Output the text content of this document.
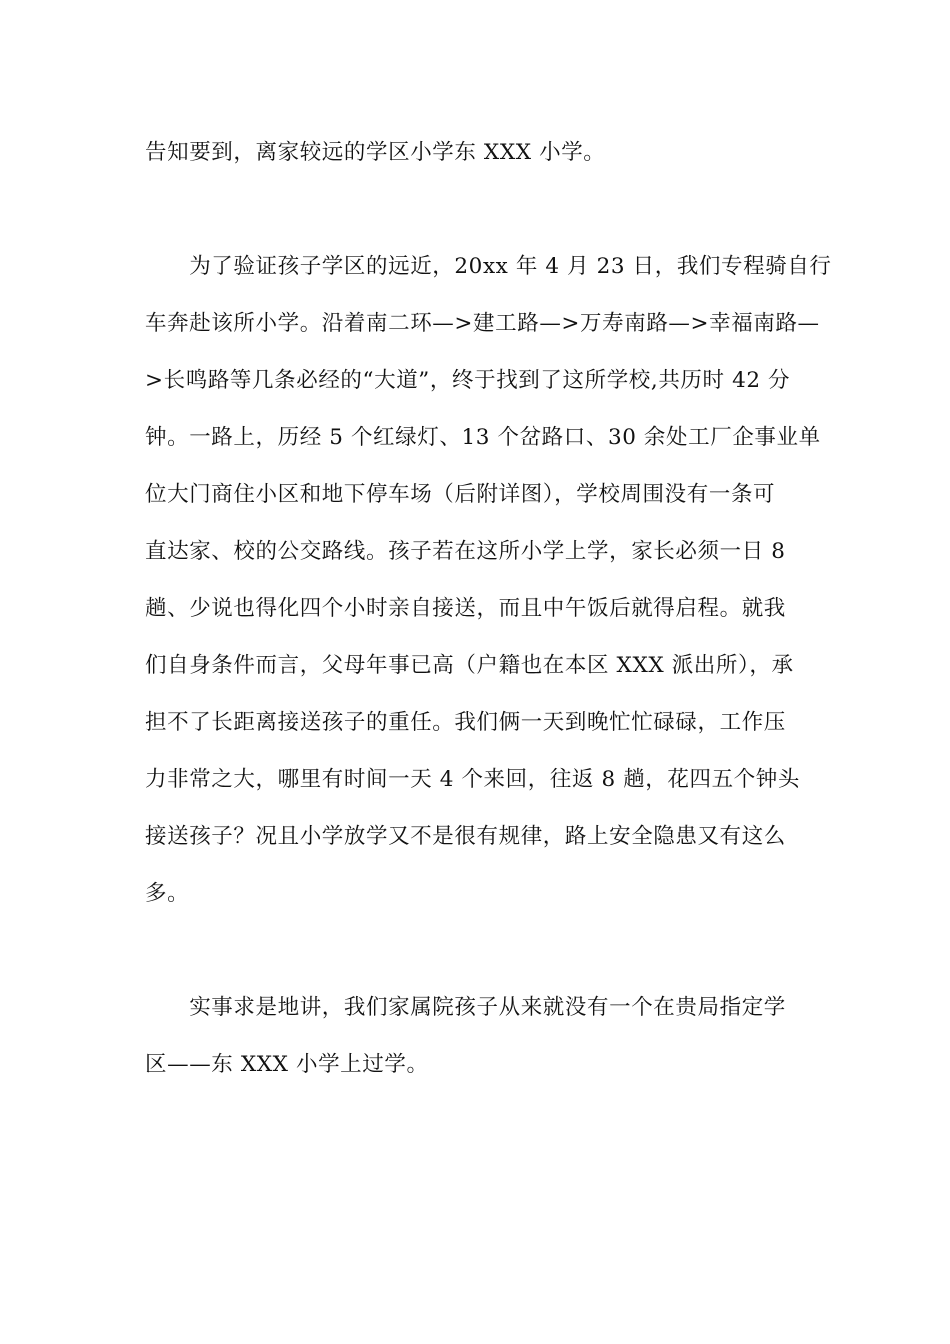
告知要到，离家较远的学区小学东 XXX 小学。
　　为了验证孩子学区的远近，20xx 年 4 月 23 日，我们专程骑自行
车奔赴该所小学。沿着南二环—>建工路—>万寿南路—>幸福南路—
>长鸣路等几条必经的“大道”，终于找到了这所学校,共历时 42 分
钟。一路上，历经 5 个红绿灯、13 个岔路口、30 余处工厂企事业单
位大门商住小区和地下停车场（后附详图），学校周围没有一条可
直达家、校的公交路线。孩子若在这所小学上学，家长必须一日 8
趟、少说也得化四个小时亲自接送，而且中午饭后就得启程。就我
们自身条件而言，父母年事已高（户籍也在本区 XXX 派出所），承
担不了长距离接送孩子的重任。我们俩一天到晚忙忙碌碌，工作压
力非常之大，哪里有时间一天 4 个来回，往返 8 趟，花四五个钟头
接送孩子？况且小学放学又不是很有规律，路上安全隐患又有这么
多。
　　实事求是地讲，我们家属院孩子从来就没有一个在贵局指定学
区——东 XXX 小学上过学。
